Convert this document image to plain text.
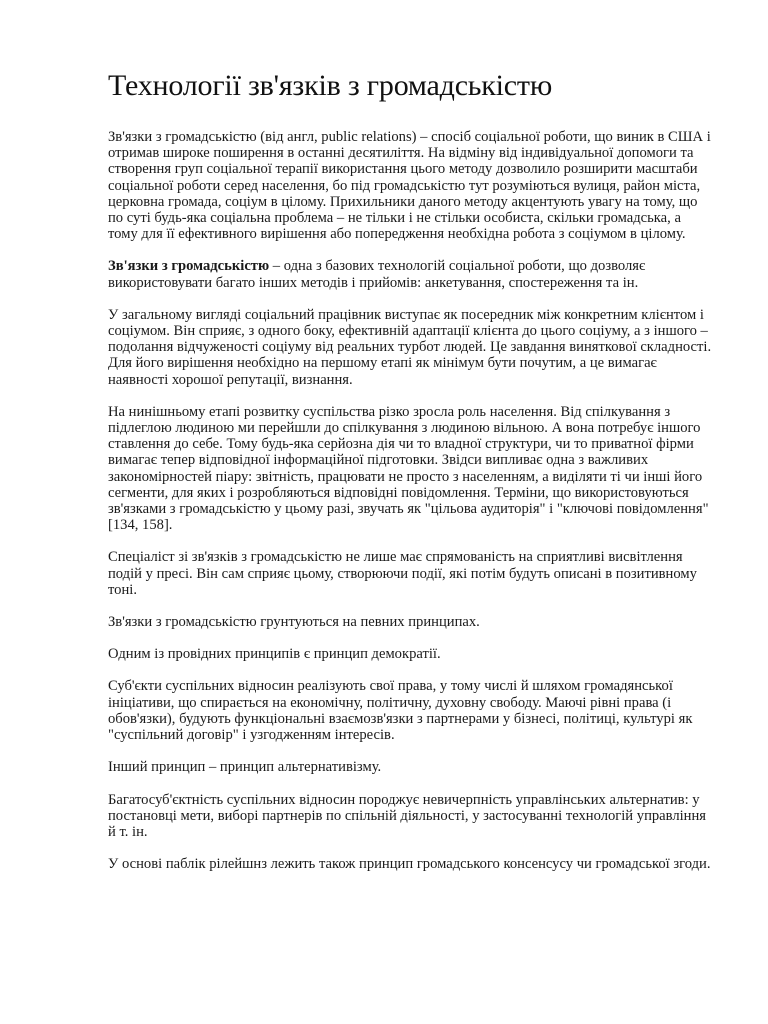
Технології зв'язків з громадськістю

Зв'язки з громадськістю (від англ, public relations) – спосіб соціальної роботи, що виник в США і отримав широке поширення в останні десятиліття. На відміну від індивідуальної допомоги та створення груп соціальної терапії використання цього методу дозволило розширити масштаби соціальної роботи серед населення, бо під громадськістю тут розуміються вулиця, район міста, церковна громада, соціум в цілому. Прихильники даного методу акцентують увагу на тому, що по суті будь-яка соціальна проблема – не тільки і не стільки особиста, скільки громадська, а тому для її ефективного вирішення або попередження необхідна робота з соціумом в цілому.

Зв'язки з громадськістю – одна з базових технологій соціальної роботи, що дозволяє використовувати багато інших методів і прийомів: анкетування, спостереження та ін.

У загальному вигляді соціальний працівник виступає як посередник між конкретним клієнтом і соціумом. Він сприяє, з одного боку, ефективній адаптації клієнта до цього соціуму, а з іншого – подолання відчуженості соціуму від реальних турбот людей. Це завдання виняткової складності. Для його вирішення необхідно на першому етапі як мінімум бути почутим, а це вимагає наявності хорошої репутації, визнання.

На нинішньому етапі розвитку суспільства різко зросла роль населення. Від спілкування з підлеглою людиною ми перейшли до спілкування з людиною вільною. А вона потребує іншого ставлення до себе. Тому будь-яка серйозна дія чи то владної структури, чи то приватної фірми вимагає тепер відповідної інформаційної підготовки. Звідси випливає одна з важливих закономірностей піару: звітність, працювати не просто з населенням, а виділяти ті чи інші його сегменти, для яких і розробляються відповідні повідомлення. Терміни, що використовуються зв'язками з громадськістю у цьому разі, звучать як "цільова аудиторія" і "ключові повідомлення" [134, 158].

Спеціаліст зі зв'язків з громадськістю не лише має спрямованість на сприятливі висвітлення подій у пресі. Він сам сприяє цьому, створюючи події, які потім будуть описані в позитивному тоні.

Зв'язки з громадськістю грунтуються на певних принципах.

Одним із провідних принципів є принцип демократії.

Суб'єкти суспільних відносин реалізують свої права, у тому числі й шляхом громадянської ініціативи, що спирається на економічну, політичну, духовну свободу. Маючі рівні права (і обов'язки), будують функціональні взаємозв'язки з партнерами у бізнесі, політиці, культурі як "суспільний договір" і узгодженням інтересів.

Інший принцип – принцип альтернативізму.

Багатосуб'єктність суспільних відносин породжує невичерпність управлінських альтернатив: у постановці мети, виборі партнерів по спільній діяльності, у застосуванні технологій управління й т. ін.

У основі паблік рілейшнз лежить також принцип громадського консенсусу чи громадської згоди.
